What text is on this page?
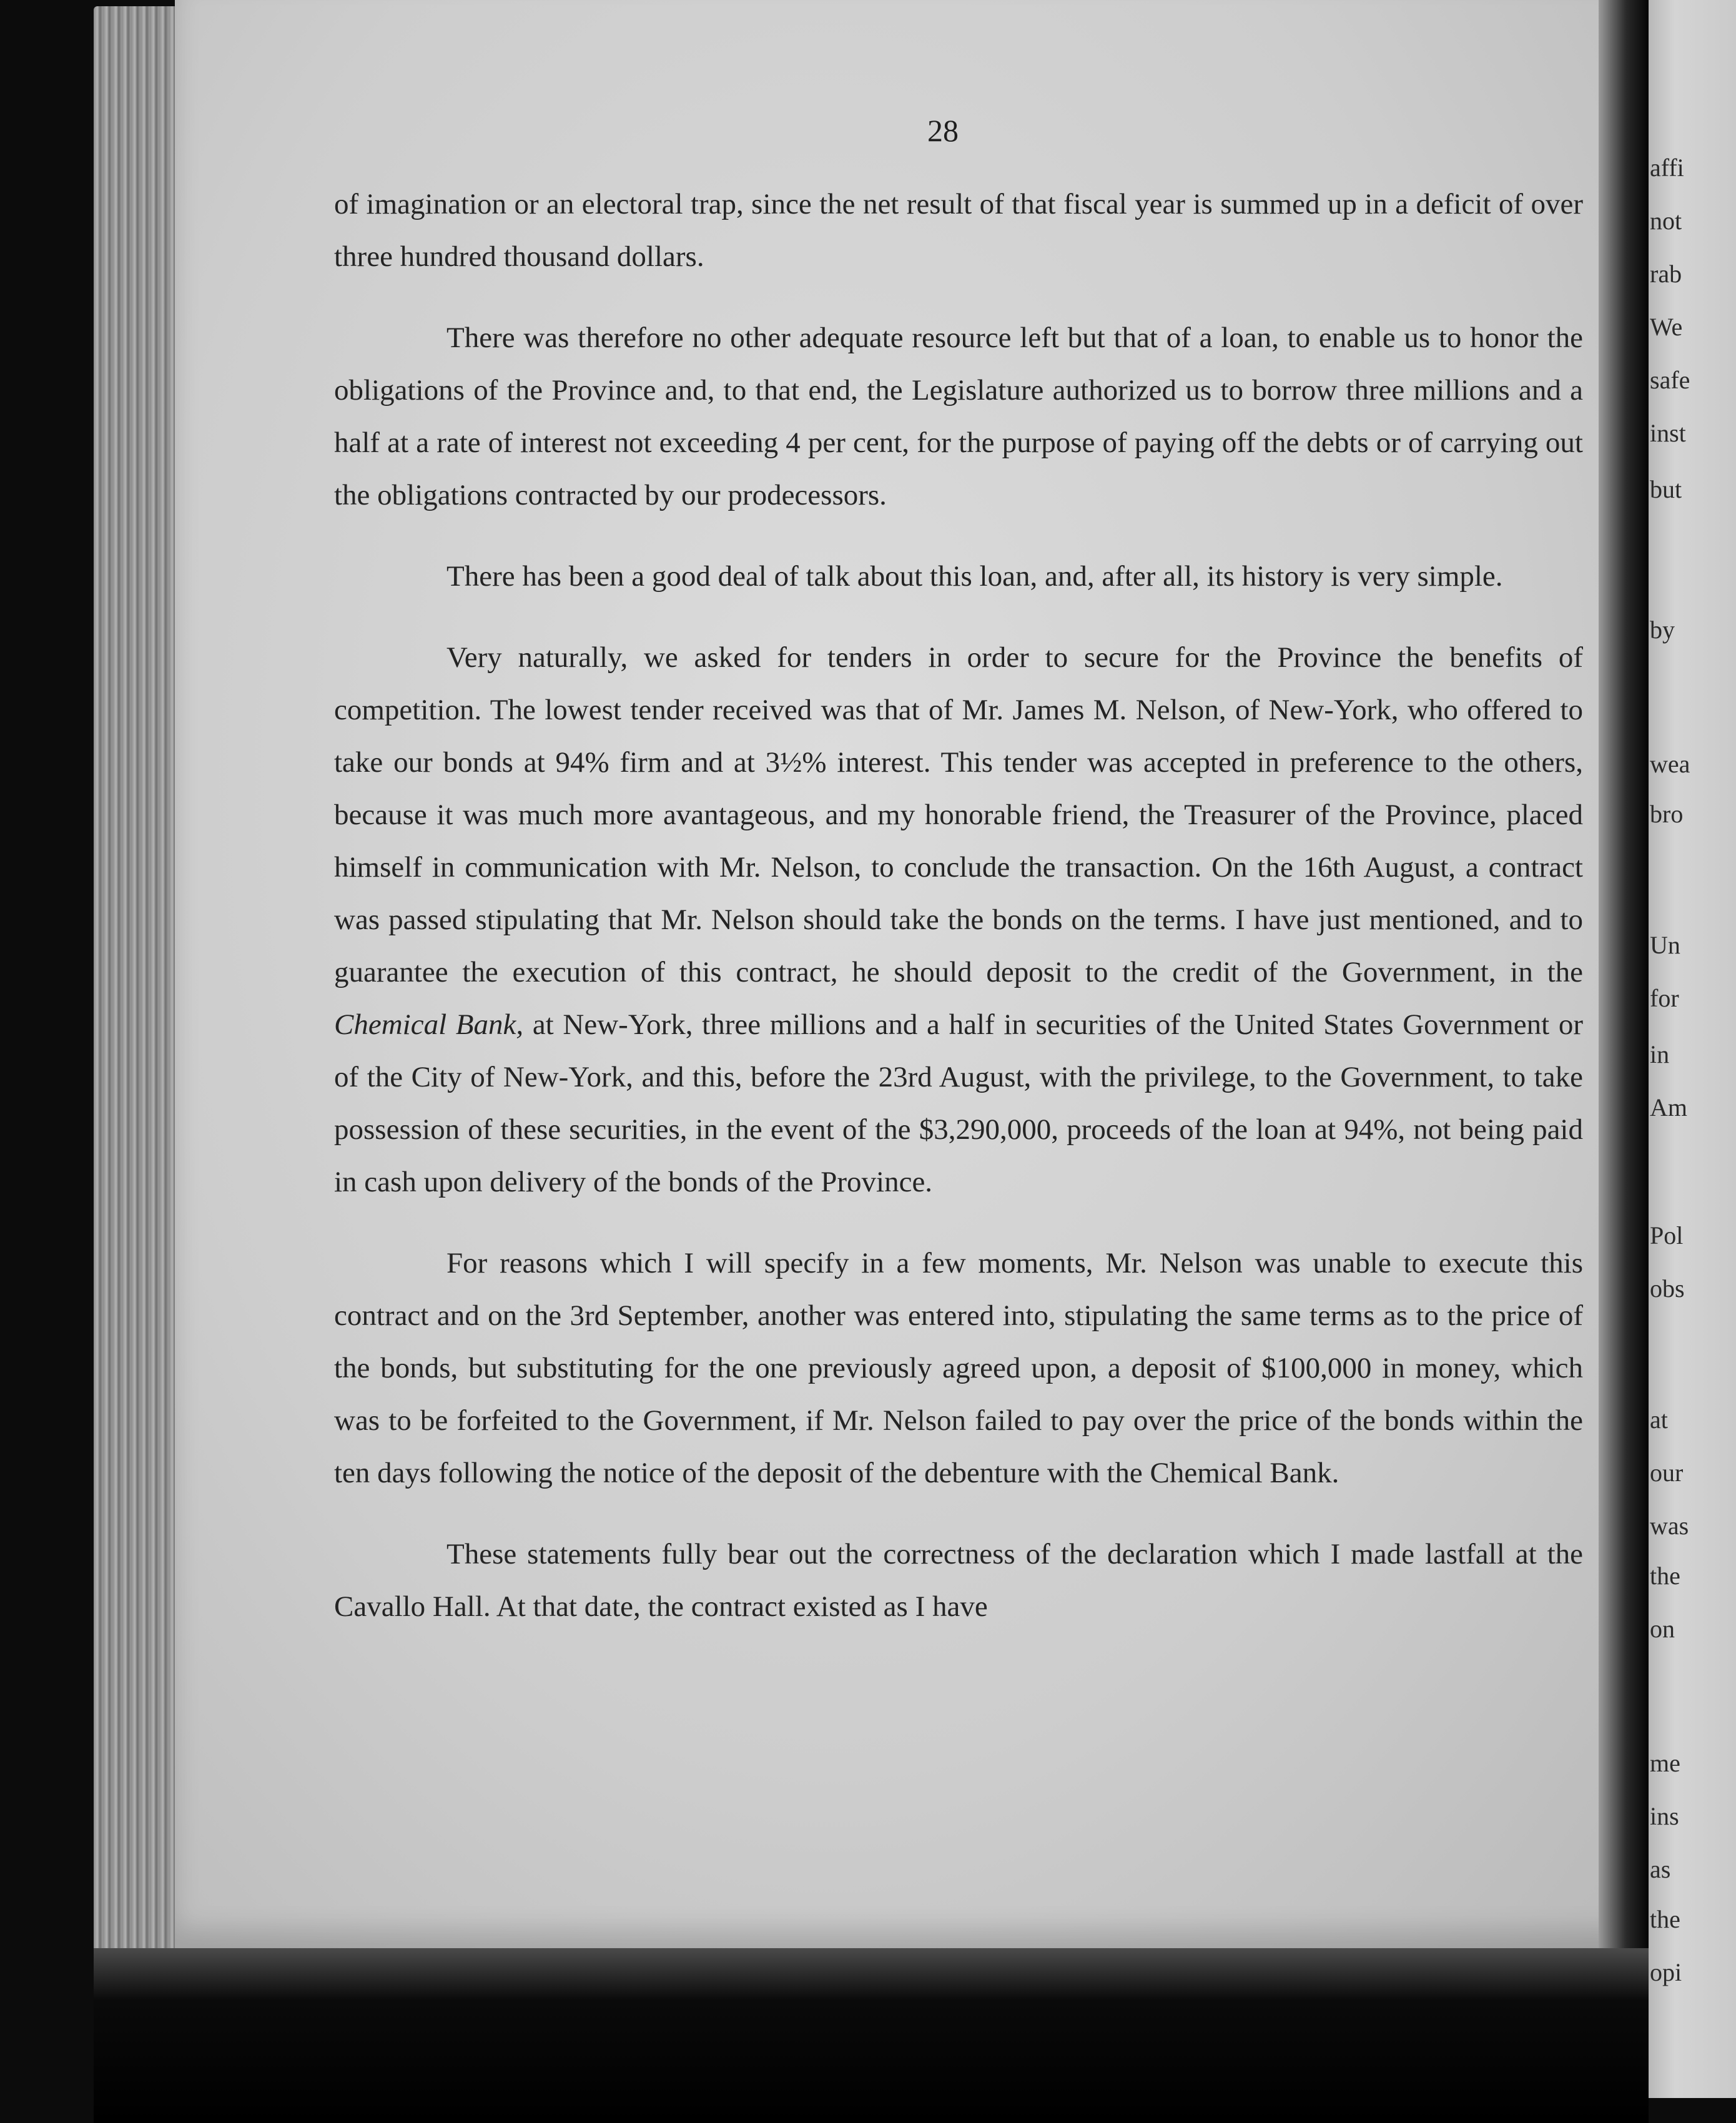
affi
not
rab
We
safe
inst
but
by
wea
bro
Un
for
in
Am
Pol
obs
at
our
was
the
on
me
ins
as
the
opi
28

of imagination or an electoral trap, since the net result of that fiscal year is summed up in a deficit of over three hundred thousand dollars.

There was therefore no other adequate resource left but that of a loan, to enable us to honor the obligations of the Province and, to that end, the Legislature authorized us to borrow three millions and a half at a rate of interest not exceeding 4 per cent, for the purpose of paying off the debts or of carrying out the obligations contracted by our prodecessors.

There has been a good deal of talk about this loan, and, after all, its history is very simple.

Very naturally, we asked for tenders in order to secure for the Province the benefits of competition. The lowest tender received was that of Mr. James M. Nelson, of New-York, who offered to take our bonds at 94% firm and at 3½% interest. This tender was accepted in preference to the others, because it was much more avantageous, and my honorable friend, the Treasurer of the Province, placed himself in communication with Mr. Nelson, to conclude the transaction. On the 16th August, a contract was passed stipulating that Mr. Nelson should take the bonds on the terms. I have just mentioned, and to guarantee the execution of this contract, he should deposit to the credit of the Government, in the Chemical Bank, at New-York, three millions and a half in securities of the United States Government or of the City of New-York, and this, before the 23rd August, with the privilege, to the Government, to take possession of these securities, in the event of the $3,290,000, proceeds of the loan at 94%, not being paid in cash upon delivery of the bonds of the Province.

For reasons which I will specify in a few moments, Mr. Nelson was unable to execute this contract and on the 3rd September, another was entered into, stipulating the same terms as to the price of the bonds, but substituting for the one previously agreed upon, a deposit of $100,000 in money, which was to be forfeited to the Government, if Mr. Nelson failed to pay over the price of the bonds within the ten days following the notice of the deposit of the debenture with the Chemical Bank.

These statements fully bear out the correctness of the declaration which I made lastfall at the Cavallo Hall. At that date, the contract existed as I have
